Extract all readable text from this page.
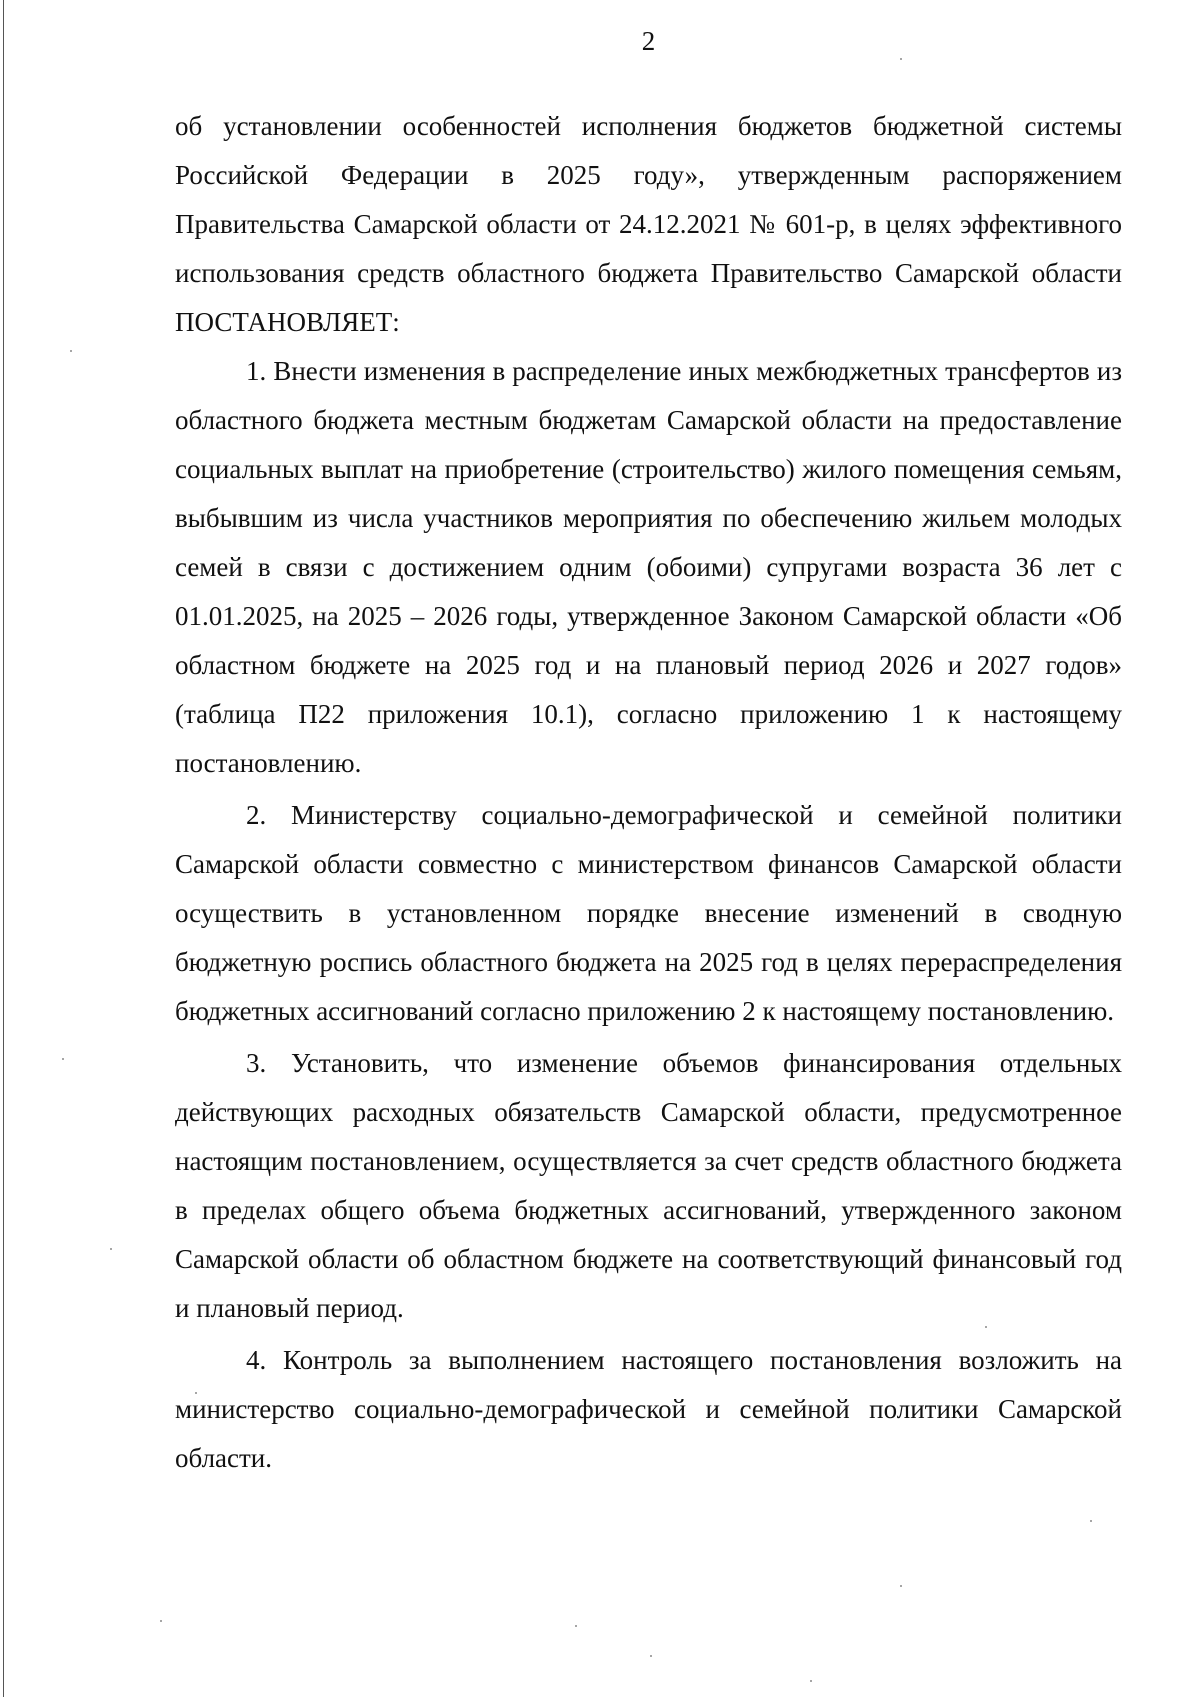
2

об установлении особенностей исполнения бюджетов бюджетной системы Российской Федерации в 2025 году», утвержденным распоряжением Правительства Самарской области от 24.12.2021 № 601-р, в целях эффективного использования средств областного бюджета Правительство Самарской области ПОСТАНОВЛЯЕТ:

1. Внести изменения в распределение иных межбюджетных трансфертов из областного бюджета местным бюджетам Самарской области на предоставление социальных выплат на приобретение (строительство) жилого помещения семьям, выбывшим из числа участников мероприятия по обеспечению жильем молодых семей в связи с достижением одним (обоими) супругами возраста 36 лет с 01.01.2025, на 2025 – 2026 годы, утвержденное Законом Самарской области «Об областном бюджете на 2025 год и на плановый период 2026 и 2027 годов» (таблица П22 приложения 10.1), согласно приложению 1 к настоящему постановлению.

2. Министерству социально-демографической и семейной политики Самарской области совместно с министерством финансов Самарской области осуществить в установленном порядке внесение изменений в сводную бюджетную роспись областного бюджета на 2025 год в целях перераспределения бюджетных ассигнований согласно приложению 2 к настоящему постановлению.

3. Установить, что изменение объемов финансирования отдельных действующих расходных обязательств Самарской области, предусмотренное настоящим постановлением, осуществляется за счет средств областного бюджета в пределах общего объема бюджетных ассигнований, утвержденного законом Самарской области об областном бюджете на соответствующий финансовый год и плановый период.

4. Контроль за выполнением настоящего постановления возложить на министерство социально-демографической и семейной политики Самарской области.
